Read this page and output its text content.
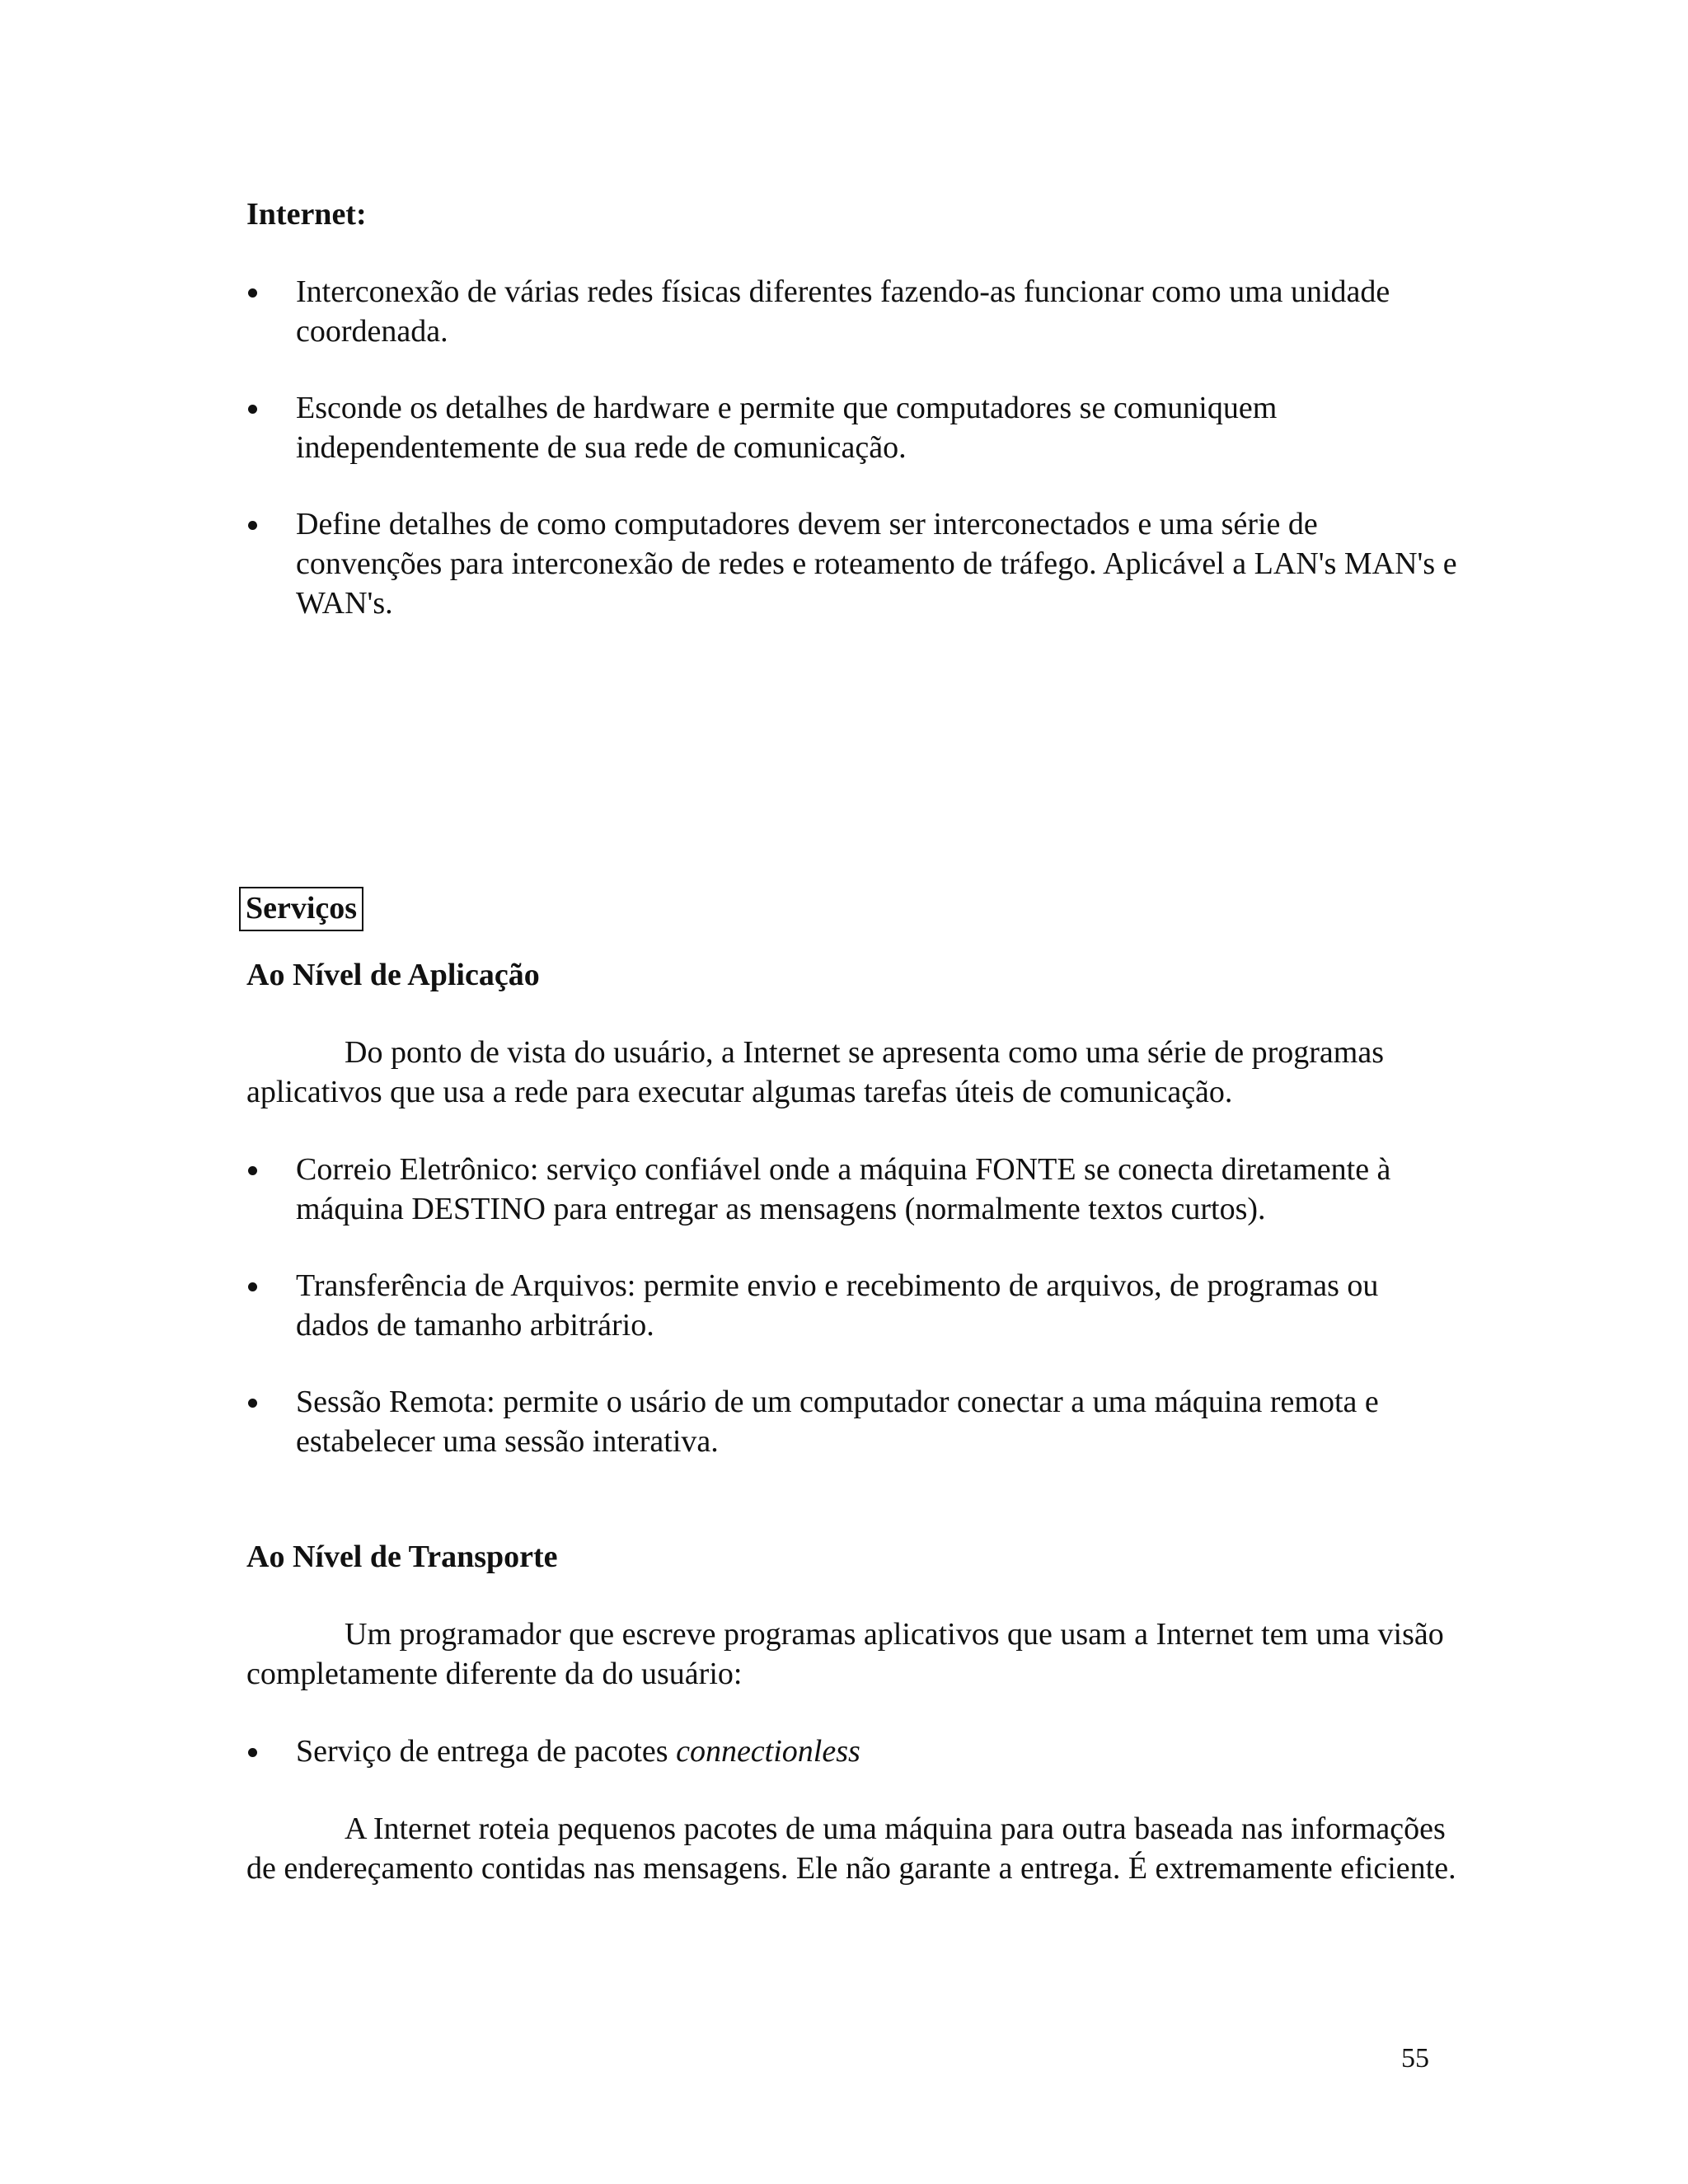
Internet:
Interconexão de várias redes físicas diferentes fazendo-as funcionar como uma unidade coordenada.
Esconde os detalhes de hardware e permite que computadores se comuniquem independentemente de sua rede de comunicação.
Define detalhes de como computadores devem ser interconectados e uma série de convenções para interconexão de redes e roteamento de tráfego. Aplicável a LAN's MAN's e WAN's.
Serviços
Ao Nível de Aplicação

Do ponto de vista do usuário, a Internet se apresenta como uma série de programas aplicativos que usa a rede para executar algumas tarefas úteis de comunicação.

Correio Eletrônico: serviço confiável onde a máquina FONTE se conecta diretamente à máquina DESTINO para entregar as mensagens (normalmente textos curtos).
Transferência de Arquivos: permite envio e recebimento de arquivos, de programas ou dados de tamanho arbitrário.
Sessão Remota: permite o usário de um computador conectar a uma máquina remota e estabelecer uma sessão interativa.
Ao Nível de Transporte

Um programador que escreve programas aplicativos que usam a Internet tem uma visão completamente diferente da do usuário:

Serviço de entrega de pacotes connectionless

A Internet roteia pequenos pacotes de uma máquina para outra baseada nas informações de endereçamento contidas nas mensagens. Ele não garante a entrega. É extremamente eficiente.

55
